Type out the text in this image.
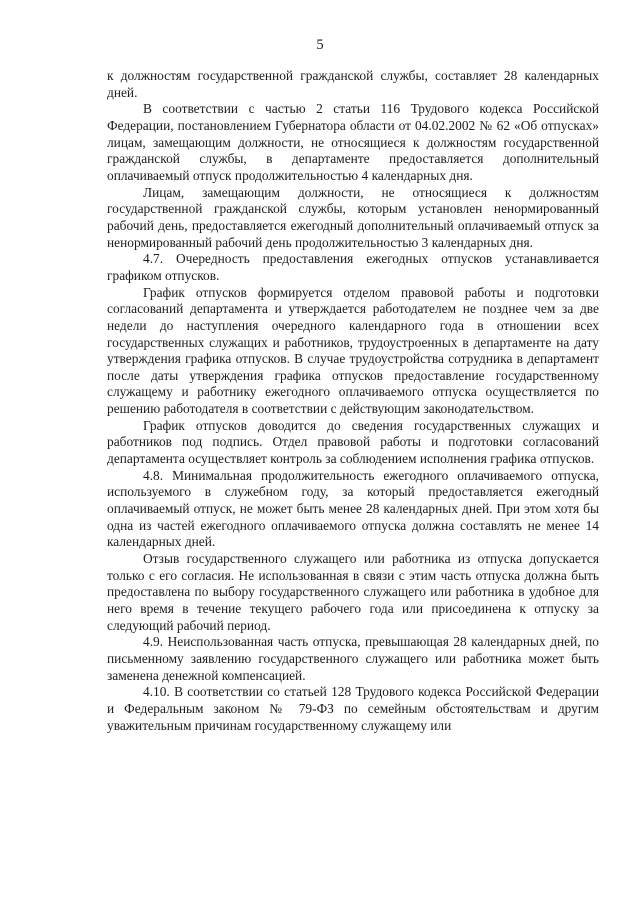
5

к должностям государственной гражданской службы, составляет 28 календарных дней.

В соответствии с частью 2 статьи 116 Трудового кодекса Российской Федерации, постановлением Губернатора области от 04.02.2002 № 62 «Об отпусках» лицам, замещающим должности, не относящиеся к должностям государственной гражданской службы, в департаменте предоставляется дополнительный оплачиваемый отпуск продолжительностью 4 календарных дня.

Лицам, замещающим должности, не относящиеся к должностям государственной гражданской службы, которым установлен ненормированный рабочий день, предоставляется ежегодный дополнительный оплачиваемый отпуск за ненормированный рабочий день продолжительностью 3 календарных дня.

4.7. Очередность предоставления ежегодных отпусков устанавливается графиком отпусков.

График отпусков формируется отделом правовой работы и подготовки согласований департамента и утверждается работодателем не позднее чем за две недели до наступления очередного календарного года в отношении всех государственных служащих и работников, трудоустроенных в департаменте на дату утверждения графика отпусков. В случае трудоустройства сотрудника в департамент после даты утверждения графика отпусков предоставление государственному служащему и работнику ежегодного оплачиваемого отпуска осуществляется по решению работодателя в соответствии с действующим законодательством.

График отпусков доводится до сведения государственных служащих и работников под подпись. Отдел правовой работы и подготовки согласований департамента осуществляет контроль за соблюдением исполнения графика отпусков.

4.8. Минимальная продолжительность ежегодного оплачиваемого отпуска, используемого в служебном году, за который предоставляется ежегодный оплачиваемый отпуск, не может быть менее 28 календарных дней. При этом хотя бы одна из частей ежегодного оплачиваемого отпуска должна составлять не менее 14 календарных дней.

Отзыв государственного служащего или работника из отпуска допускается только с его согласия. Не использованная в связи с этим часть отпуска должна быть предоставлена по выбору государственного служащего или работника в удобное для него время в течение текущего рабочего года или присоединена к отпуску за следующий рабочий период.

4.9. Неиспользованная часть отпуска, превышающая 28 календарных дней, по письменному заявлению государственного служащего или работника может быть заменена денежной компенсацией.

4.10. В соответствии со статьей 128 Трудового кодекса Российской Федерации и Федеральным законом № 79-ФЗ по семейным обстоятельствам и другим уважительным причинам государственному служащему или
